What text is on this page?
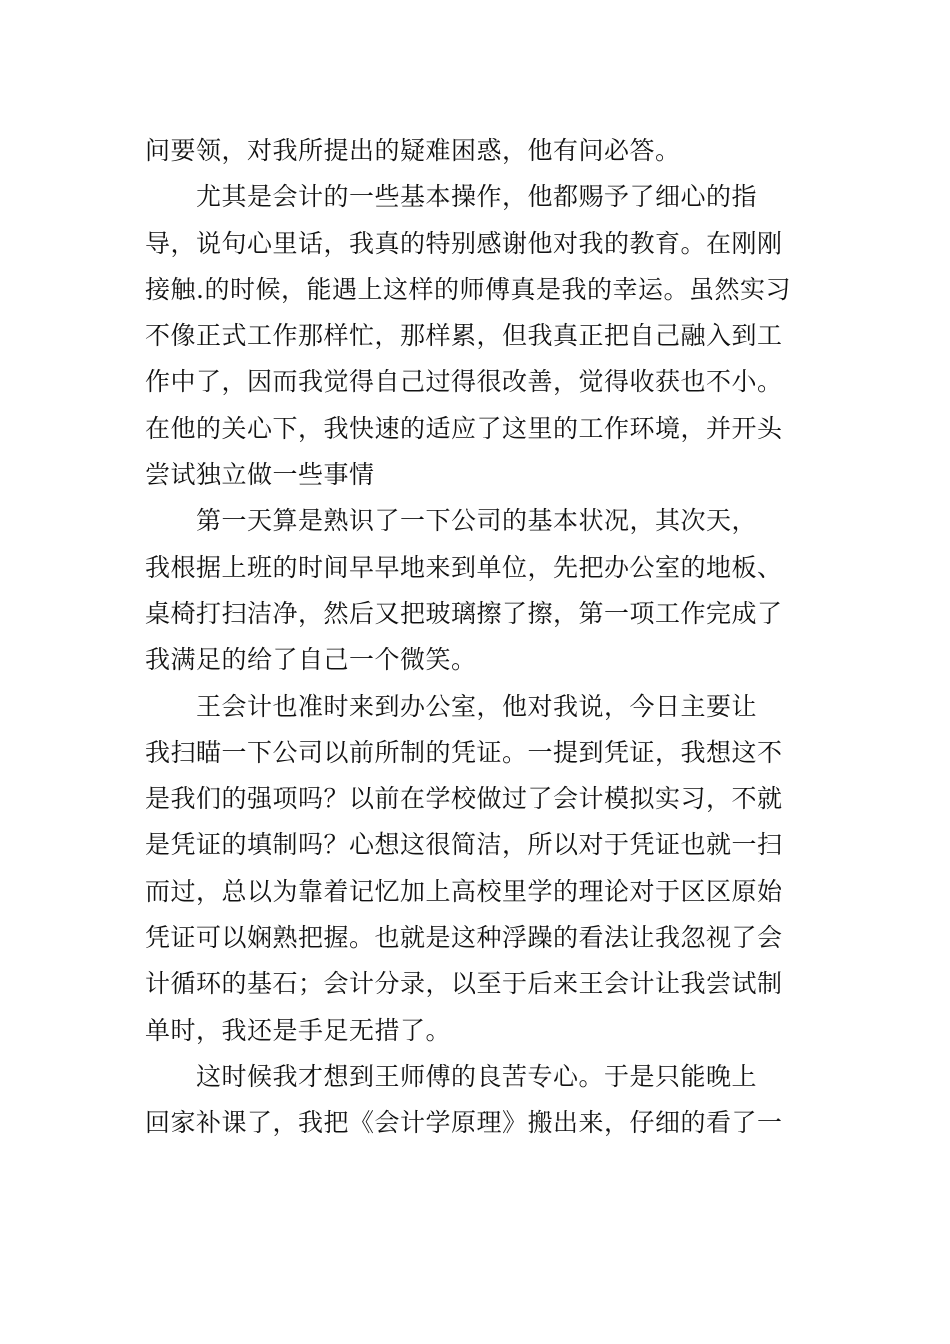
问要领，对我所提出的疑难困惑，他有问必答。
　　尤其是会计的一些基本操作，他都赐予了细心的指
导，说句心里话，我真的特别感谢他对我的教育。在刚刚
接触.的时候，能遇上这样的师傅真是我的幸运。虽然实习
不像正式工作那样忙，那样累，但我真正把自己融入到工
作中了，因而我觉得自己过得很改善，觉得收获也不小。
在他的关心下，我快速的适应了这里的工作环境，并开头
尝试独立做一些事情
　　第一天算是熟识了一下公司的基本状况，其次天，
我根据上班的时间早早地来到单位，先把办公室的地板、
桌椅打扫洁净，然后又把玻璃擦了擦，第一项工作完成了
我满足的给了自己一个微笑。
　　王会计也准时来到办公室，他对我说，今日主要让
我扫瞄一下公司以前所制的凭证。一提到凭证，我想这不
是我们的强项吗？以前在学校做过了会计模拟实习，不就
是凭证的填制吗？心想这很简洁，所以对于凭证也就一扫
而过，总以为靠着记忆加上高校里学的理论对于区区原始
凭证可以娴熟把握。也就是这种浮躁的看法让我忽视了会
计循环的基石；会计分录，以至于后来王会计让我尝试制
单时，我还是手足无措了。
　　这时候我才想到王师傅的良苦专心。于是只能晚上
回家补课了，我把《会计学原理》搬出来，仔细的看了一
